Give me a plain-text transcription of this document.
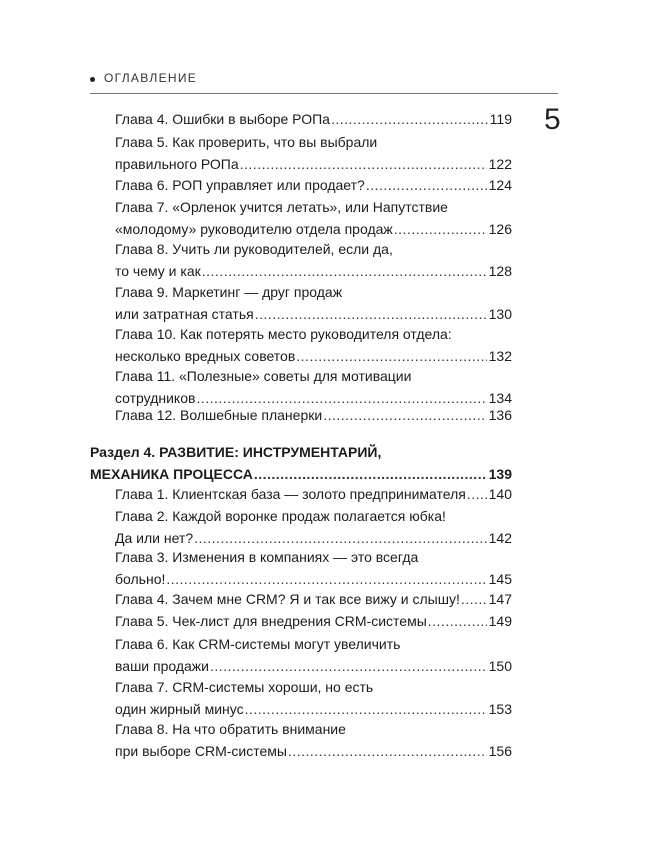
ОГЛАВЛЕНИЕ
5
Глава 4. Ошибки в выборе РОПа .....	119
Глава 5. Как проверить, что вы выбрали
правильного РОПа .....	122
Глава 6. РОП управляет или продает? .....	124
Глава 7. «Орленок учится летать», или Напутствие
«молодому» руководителю отдела продаж .....	126
Глава 8. Учить ли руководителей, если да,
то чему и как .....	128
Глава 9. Маркетинг — друг продаж
или затратная статья .....	130
Глава 10. Как потерять место руководителя отдела:
несколько вредных советов .....	132
Глава 11. «Полезные» советы для мотивации
сотрудников .....	134
Глава 12. Волшебные планерки .....	136
Раздел 4. РАЗВИТИЕ: ИНСТРУМЕНТАРИЙ,
МЕХАНИКА ПРОЦЕССА .....	139
Глава 1. Клиентская база — золото предпринимателя ..... 140
Глава 2. Каждой воронке продаж полагается юбка!
Да или нет? .....	142
Глава 3. Изменения в компаниях — это всегда
больно! .....	145
Глава 4. Зачем мне CRM? Я и так все вижу и слышу! ..... 147
Глава 5. Чек-лист для внедрения CRM-системы .....	149
Глава 6. Как CRM-системы могут увеличить
ваши продажи .....	150
Глава 7. CRM-системы хороши, но есть
один жирный минус .....	153
Глава 8. На что обратить внимание
при выборе CRM-системы .....	156
